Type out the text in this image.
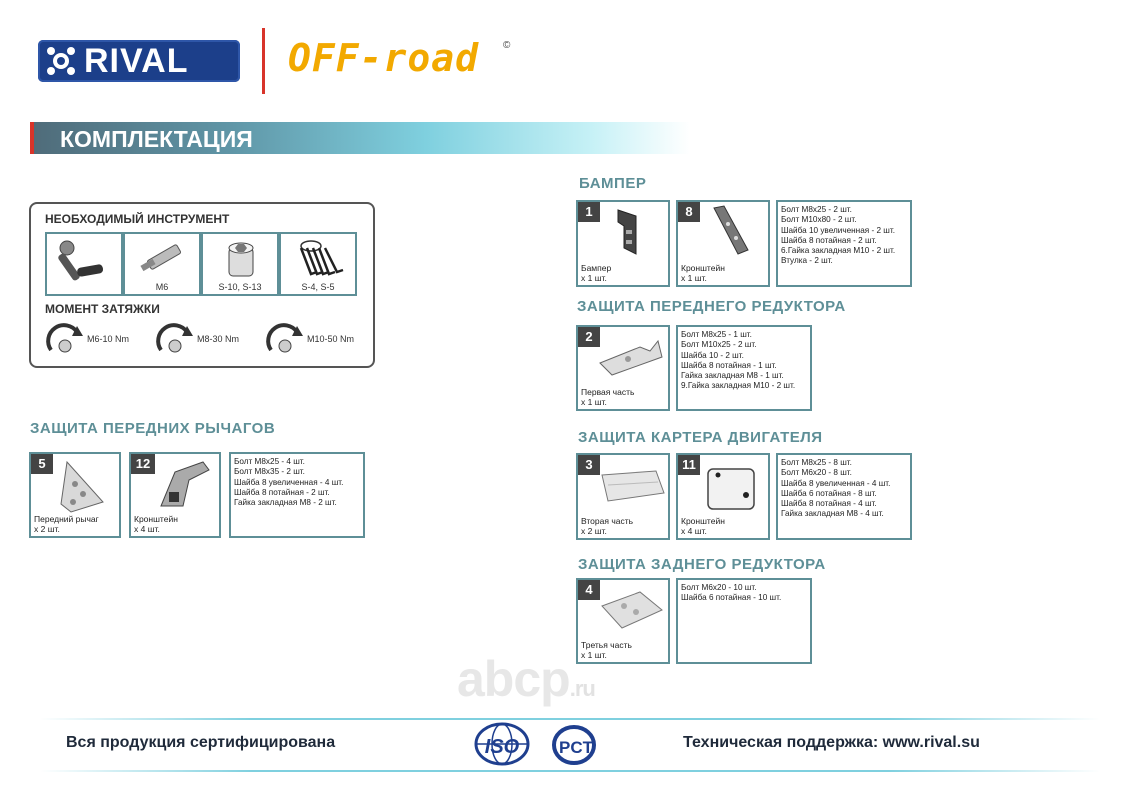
RIVAL	OFF-road ©
КОМПЛЕКТАЦИЯ
НЕОБХОДИМЫЙ ИНСТРУМЕНТ
M6	S-10, S-13	S-4, S-5
МОМЕНТ ЗАТЯЖКИ
M6-10 Nm	M8-30 Nm	M10-50 Nm
ЗАЩИТА ПЕРЕДНИХ РЫЧАГОВ
5
Передний рычаг
x 2 шт.
12
Кронштейн
x 4 шт.
Болт M8x25 - 4 шт.
Болт M8x35 - 2 шт.
Шайба 8 увеличенная - 4 шт.
Шайба 8 потайная - 2 шт.
Гайка закладная M8 - 2 шт.
БАМПЕР
1
Бампер
x 1 шт.
8
Кронштейн
x 1 шт.
Болт M8x25 - 2 шт.
Болт M10x80 - 2 шт.
Шайба 10 увеличенная - 2 шт.
Шайба 8 потайная - 2 шт.
6.Гайка закладная M10 - 2 шт.
Втулка - 2 шт.
ЗАЩИТА ПЕРЕДНЕГО РЕДУКТОРА
2
Первая часть
x 1 шт.
Болт M8x25 - 1 шт.
Болт M10x25 - 2 шт.
Шайба 10 - 2 шт.
Шайба 8 потайная - 1 шт.
Гайка закладная M8 - 1 шт.
9.Гайка закладная M10 - 2 шт.
ЗАЩИТА КАРТЕРА ДВИГАТЕЛЯ
3
Вторая часть
x 2 шт.
11
Кронштейн
x 4 шт.
Болт M8x25 - 8 шт.
Болт M6x20 - 8 шт.
Шайба 8 увеличенная - 4 шт.
Шайба 6 потайная - 8 шт.
Шайба 8 потайная - 4 шт.
Гайка закладная M8 - 4 шт.
ЗАЩИТА ЗАДНЕГО РЕДУКТОРА
4
Третья часть
x 1 шт.
Болт M6x20 - 10 шт.
Шайба 6 потайная - 10 шт.
abcp.ru
Вся продукция сертифицирована	ISO PCT	Техническая поддержка: www.rival.su
